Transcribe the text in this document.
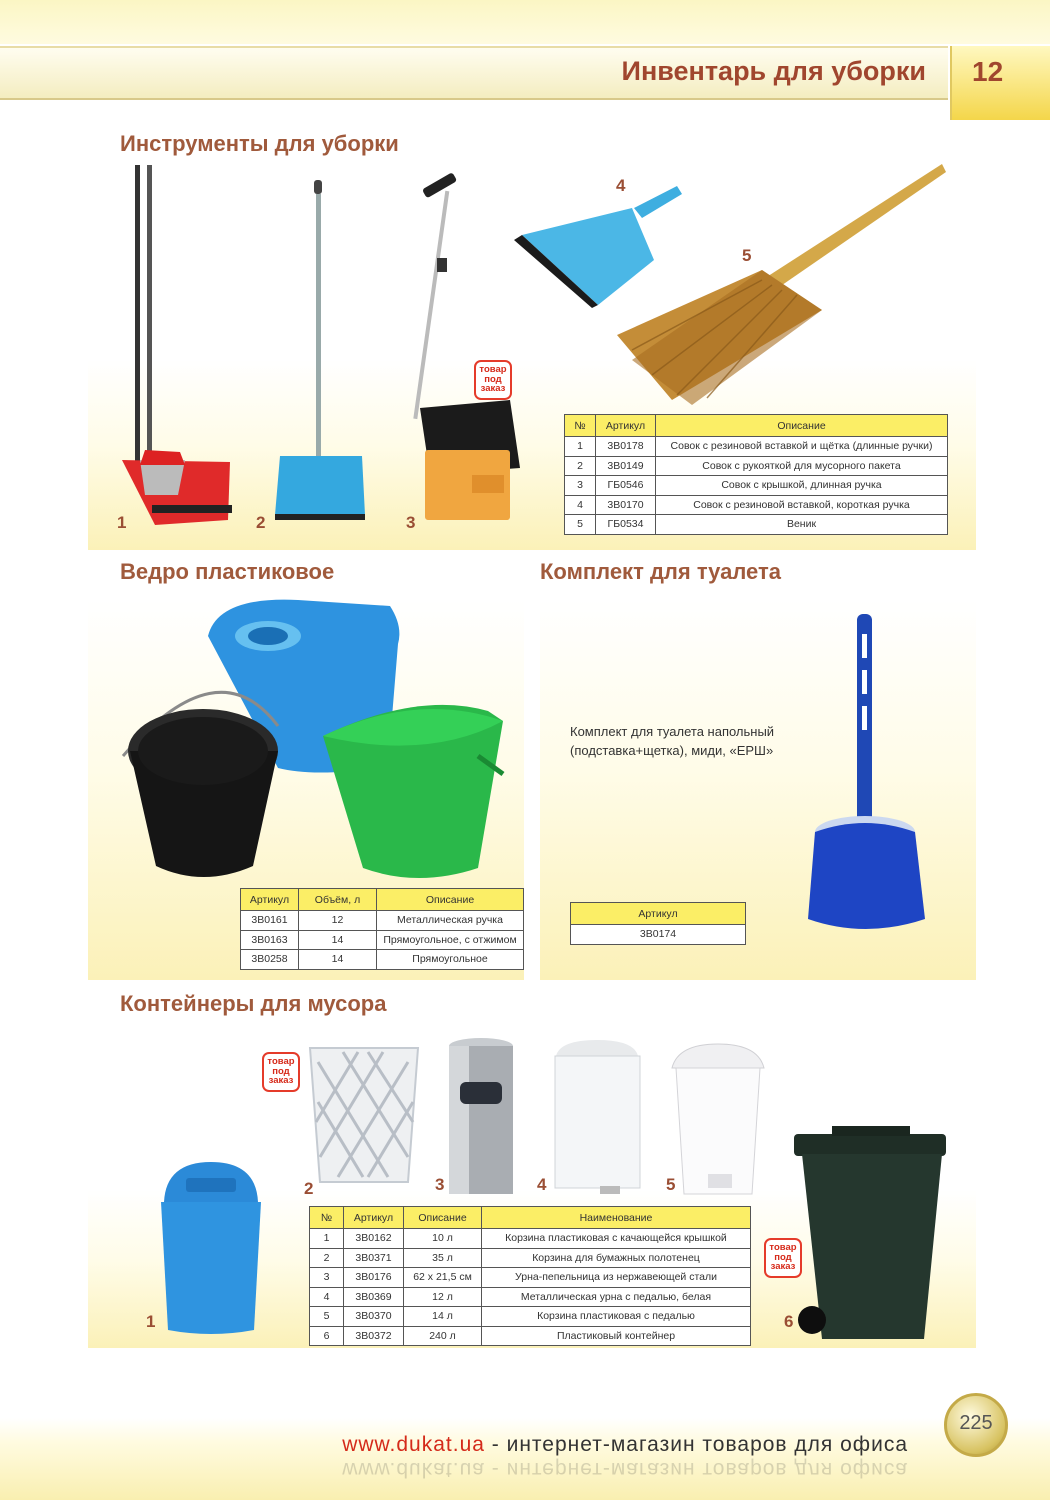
Инвентарь для уборки 12
Инструменты для уборки
товар
под
заказ
1	2	3
4
5
№	Артикул	Описание
1	3В0178	Совок с резиновой вставкой и щётка (длинные ручки)
2	3В0149	Совок с рукояткой для мусорного пакета
3	ГБ0546	Совок с крышкой, длинная ручка
4	3В0170	Совок с резиновой вставкой, короткая ручка
5	ГБ0534	Веник
Ведро пластиковое
Артикул	Объём, л	Описание
3В0161	12	Металлическая ручка
3В0163	14	Прямоугольное, с отжимом
3В0258	14	Прямоугольное
Комплект для туалета
Комплект для туалета напольный
(подставка+щетка), миди, «ЕРШ»
Артикул
3В0174
Контейнеры для мусора
товар
под
заказ
товар
под
заказ
1
2	3	4	5
6
№	Артикул	Описание	Наименование
1	3В0162	10 л	Корзина пластиковая с качающейся крышкой
2	3В0371	35 л	Корзина для бумажных полотенец
3	3В0176	62 х 21,5 см	Урна-пепельница из нержавеющей стали
4	3В0369	12 л	Металлическая урна с педалью, белая
5	3В0370	14 л	Корзина пластиковая с педалью
6	3В0372	240 л	Пластиковый контейнер
www.dukat.ua - интернет-магазин товаров для офиса
www.dukat.ua - интернет-магазин товаров для офиса
225
